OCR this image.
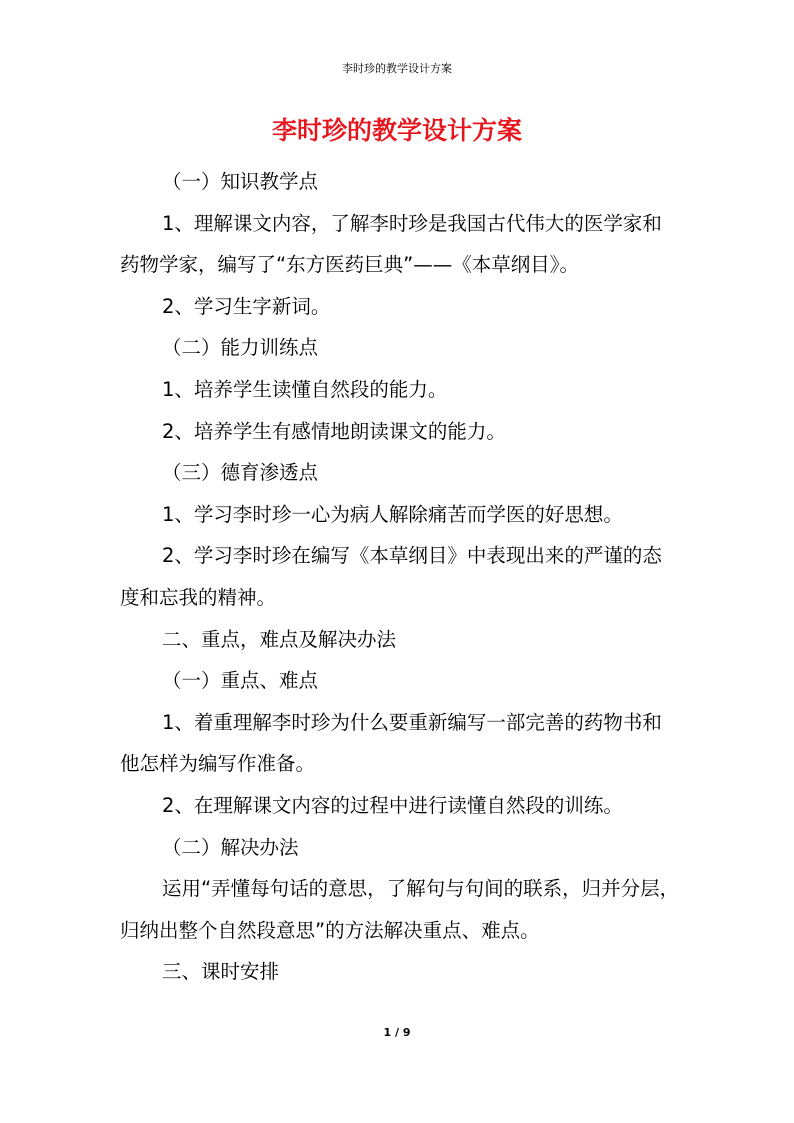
李时珍的教学设计方案
李时珍的教学设计方案

（一）知识教学点

1、理解课文内容，了解李时珍是我国古代伟大的医学家和药物学家，编写了“东方医药巨典”——《本草纲目》。

2、学习生字新词。

（二）能力训练点

1、培养学生读懂自然段的能力。

2、培养学生有感情地朗读课文的能力。

（三）德育渗透点

1、学习李时珍一心为病人解除痛苦而学医的好思想。

2、学习李时珍在编写《本草纲目》中表现出来的严谨的态度和忘我的精神。

二、重点，难点及解决办法

（一）重点、难点

1、着重理解李时珍为什么要重新编写一部完善的药物书和他怎样为编写作准备。

2、在理解课文内容的过程中进行读懂自然段的训练。

（二）解决办法

运用“弄懂每句话的意思，了解句与句间的联系，归并分层，归纳出整个自然段意思”的方法解决重点、难点。

三、课时安排

1 / 9
